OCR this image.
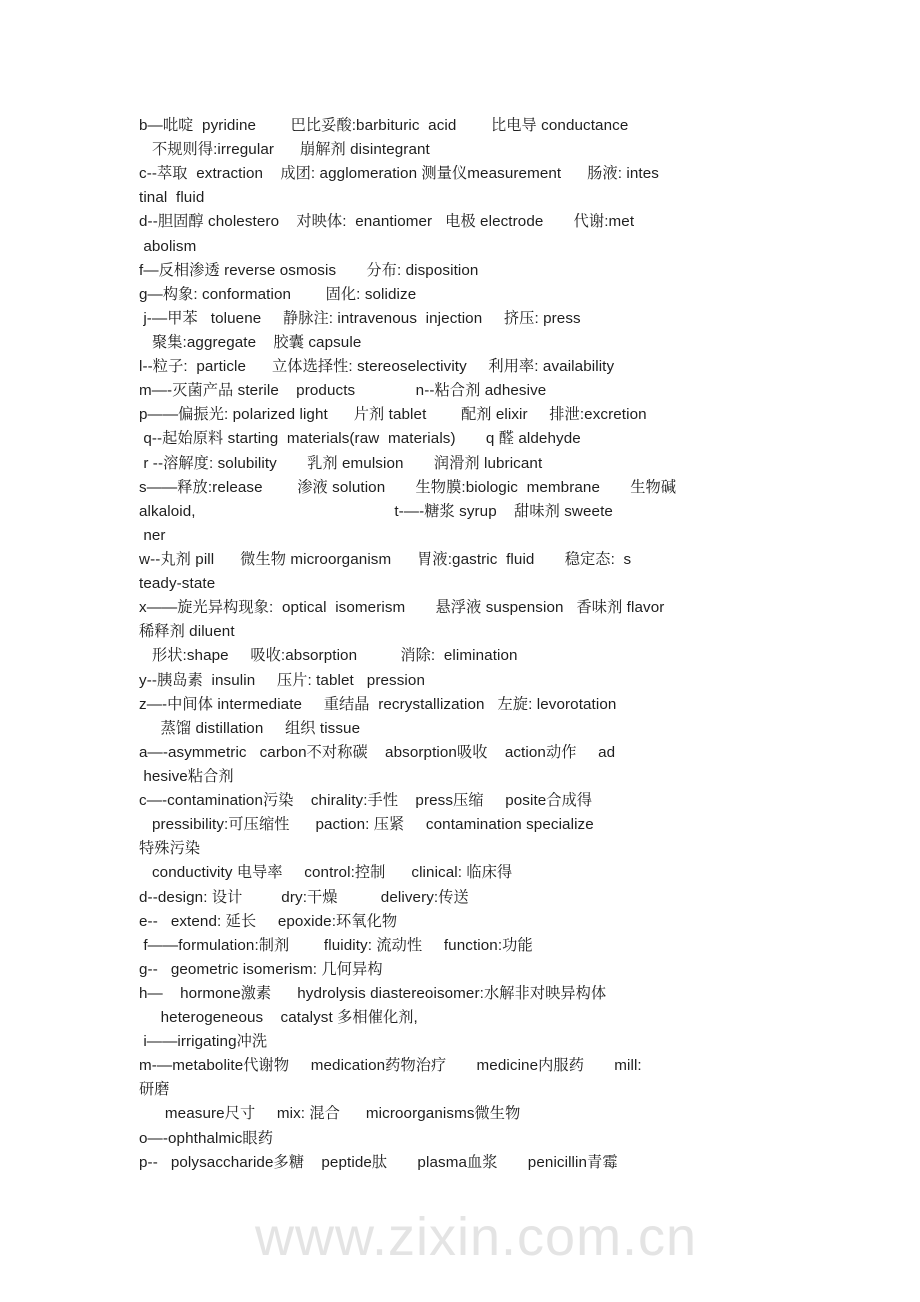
www.zixin.com.cn
b—吡啶  pyridine        巴比妥酸:barbituric  acid        比电导 conductance
不规则得:irregular      崩解剂 disintegrant
c--萃取  extraction    成团: agglomeration 测量仪measurement      肠液: intes
tinal  fluid
d--胆固醇 cholestero    对映体:  enantiomer   电极 electrode       代谢:met
abolism
f—反相渗透 reverse osmosis       分布: disposition
g—构象: conformation        固化: solidize
j-—甲苯   toluene     静脉注: intravenous  injection     挤压: press
聚集:aggregate    胶囊 capsule
l--粒子:  particle      立体选择性: stereoselectivity     利用率: availability
m—-灭菌产品 sterile    products              n--粘合剂 adhesive
p——偏振光: polarized light      片剂 tablet        配剂 elixir     排泄:excretion
q--起始原料 starting  materials(raw  materials)       q 醛 aldehyde
r --溶解度: solubility       乳剂 emulsion       润滑剂 lubricant
s——释放:release        渗液 solution       生物膜:biologic  membrane       生物碱
alkaloid,                                              t-—-糖浆 syrup    甜味剂 sweete
ner
w--丸剂 pill      微生物 microorganism      胃液:gastric  fluid       稳定态:  s
teady-state
x——旋光异构现象:  optical  isomerism       悬浮液 suspension   香味剂 flavor
稀释剂 diluent
形状:shape     吸收:absorption          消除:  elimination
y--胰岛素  insulin     压片: tablet   pression
z—-中间体 intermediate     重结晶  recrystallization   左旋: levorotation
蒸馏 distillation     组织 tissue
a—-asymmetric   carbon不对称碳    absorption吸收    action动作     ad
hesive粘合剂
c—-contamination污染    chirality:手性    press压缩     posite合成得
pressibility:可压缩性      paction: 压紧     contamination specialize
特殊污染
conductivity 电导率     control:控制      clinical: 临床得
d--design: 设计         dry:干燥          delivery:传送
e--   extend: 延长     epoxide:环氧化物
f——formulation:制剂        fluidity: 流动性     function:功能
g--   geometric isomerism: 几何异构
h—    hormone激素      hydrolysis diastereoisomer:水解非对映异构体
heterogeneous    catalyst 多相催化剂,
i——irrigating冲洗
m-—metabolite代谢物     medication药物治疗       medicine内服药       mill:
研磨
measure尺寸     mix: 混合      microorganisms微生物
o—-ophthalmic眼药
p--   polysaccharide多糖    peptide肽       plasma血浆       penicillin青霉
